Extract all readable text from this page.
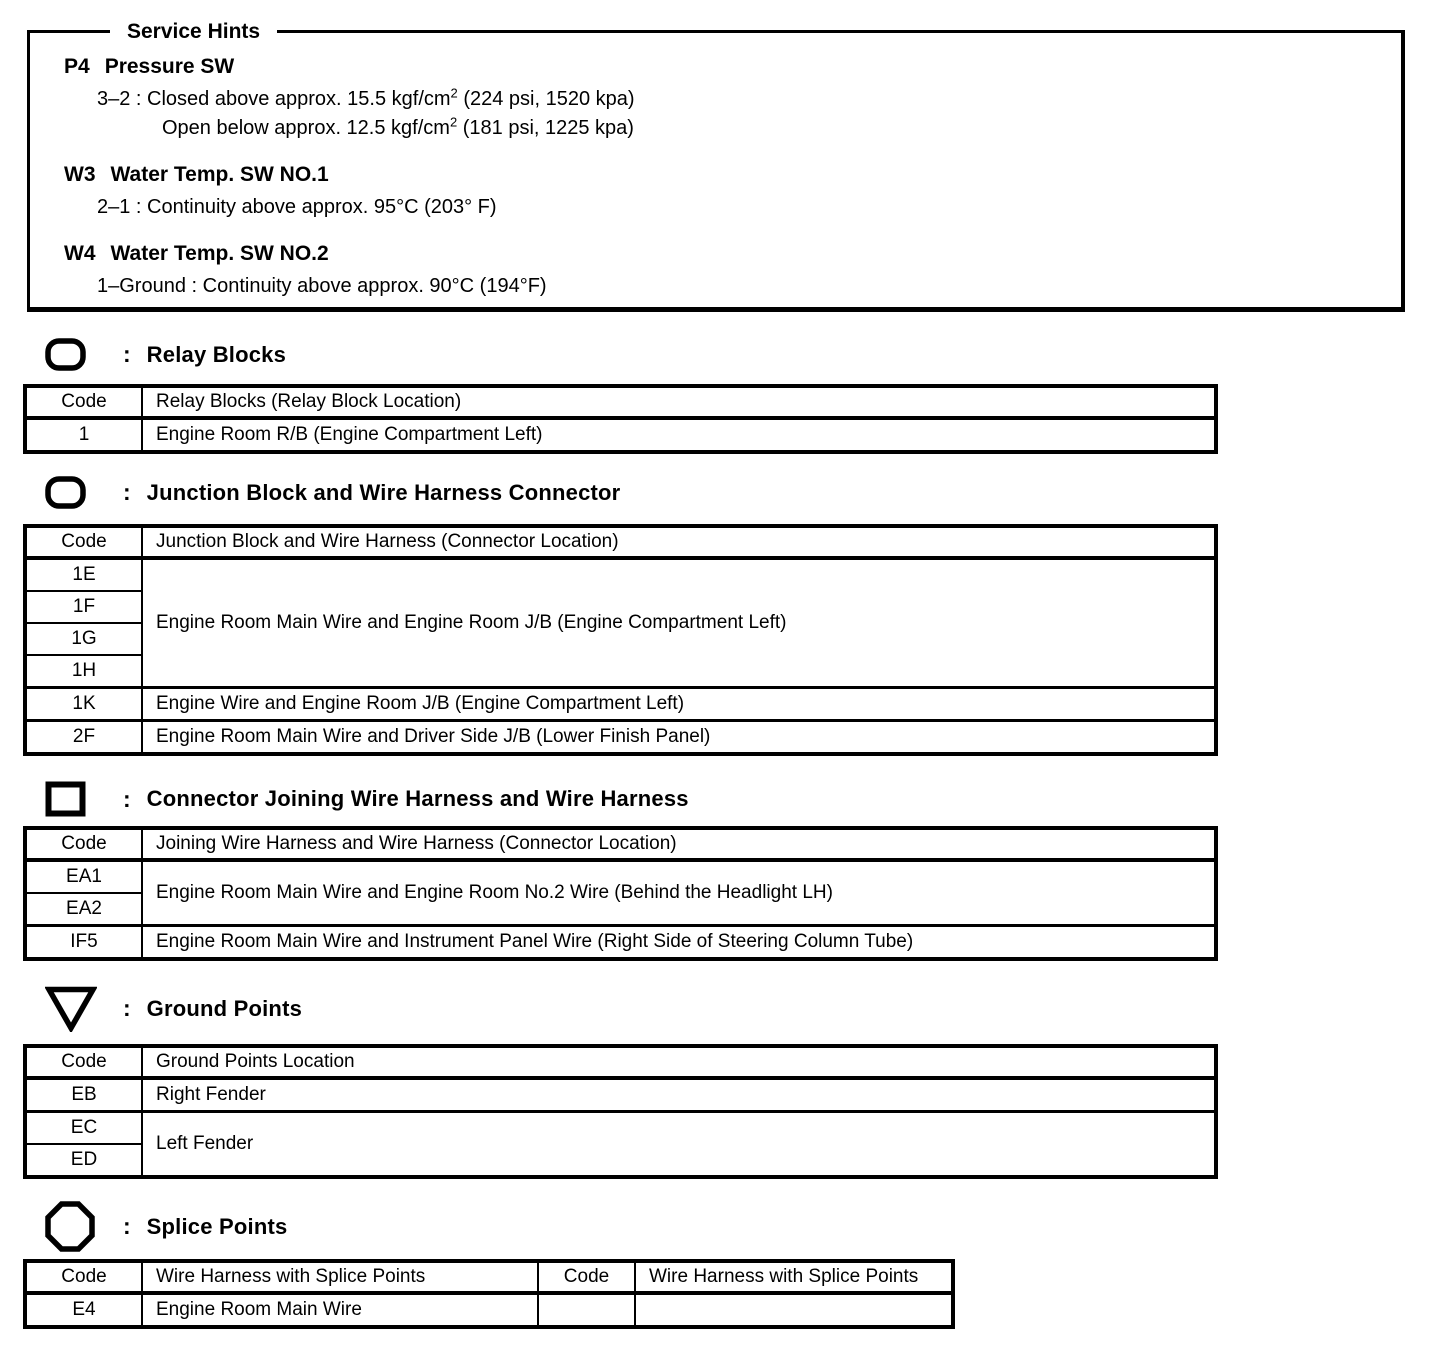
Service Hints
P4 Pressure SW
3–2 : Closed above approx. 15.5 kgf/$cm^2$ (224 psi, 1520 kpa)
Open below approx. 12.5 kgf/$cm^2$ (181 psi, 1225 kpa)
W3 Water Temp. SW NO.1
2–1 : Continuity above approx. 95°C (203° F)
W4 Water Temp. SW NO.2
1–Ground : Continuity above approx. 90°C (194°F)
: Relay Blocks
Code	Relay Blocks (Relay Block Location)
1	Engine Room R/B (Engine Compartment Left)
: Junction Block and Wire Harness Connector
Code	Junction Block and Wire Harness (Connector Location)
1E	Engine Room Main Wire and Engine Room J/B (Engine Compartment Left)
1F	
1G	
1H	
1K	Engine Wire and Engine Room J/B (Engine Compartment Left)
2F	Engine Room Main Wire and Driver Side J/B (Lower Finish Panel)
: Connector Joining Wire Harness and Wire Harness
Code	Joining Wire Harness and Wire Harness (Connector Location)
EA1	Engine Room Main Wire and Engine Room No.2 Wire (Behind the Headlight LH)
EA2	
IF5	Engine Room Main Wire and Instrument Panel Wire (Right Side of Steering Column Tube)
: Ground Points
Code	Ground Points Location
EB	Right Fender
EC	Left Fender
ED	
: Splice Points
Code	Wire Harness with Splice Points	Code	Wire Harness with Splice Points
E4	Engine Room Main Wire		
